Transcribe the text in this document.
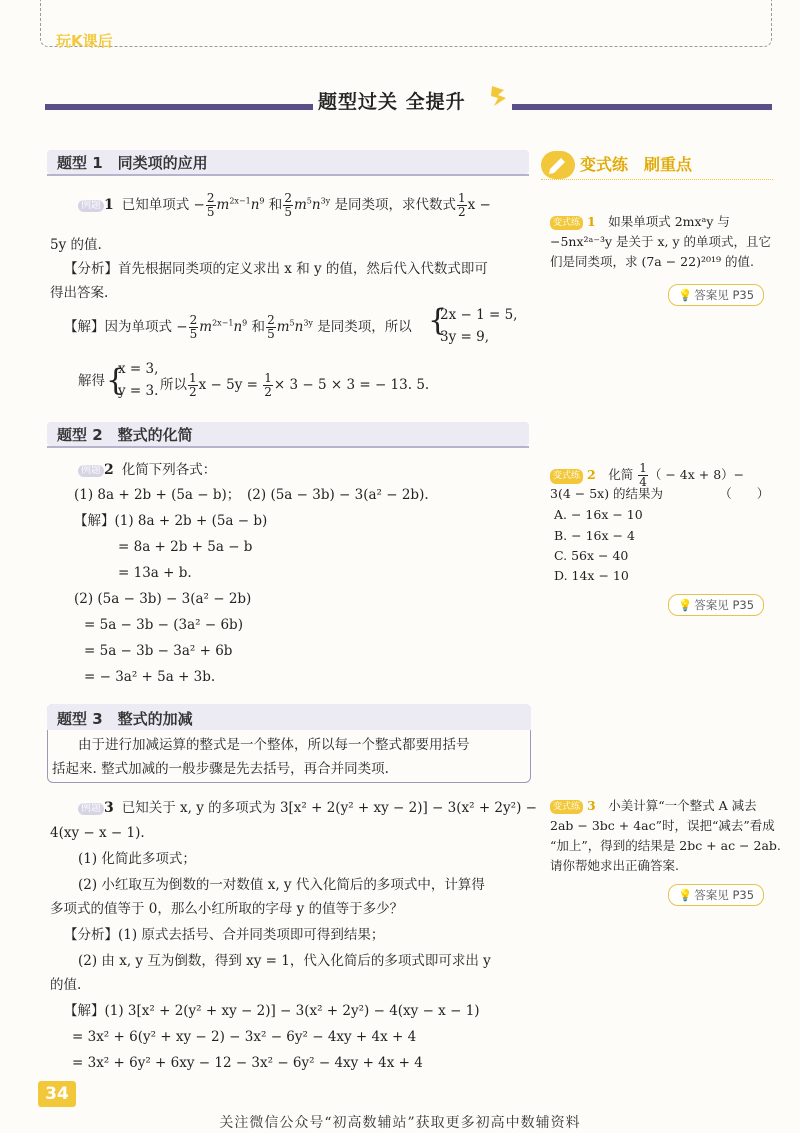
玩K课后
题型过关 全提升
题型 1　同类项的应用
例题 1 已知单项式 − $\frac{2}{5} m^{2x-1}n^9$ 和 $\frac{2}{5} m^5n^{3y}$ 是同类项，求代数式 $\frac{1}{2}$ x −
5y 的值.
【分析】首先根据同类项的定义求出 x 和 y 的值，然后代入代数式即可
得出答案.
【解】因为单项式 − $\frac{2}{5} m^{2x-1}n^9$ 和 $\frac{2}{5} m^5n^{3y}$ 是同类项，所以 {
2x − 1 = 5,
3y = 9,
解得 {
x = 3,
y = 3. 所以 $\frac{1}{2}$ $x - 5y = \frac{1}{2} \times 3 - 5 \times 3$ = − 13. 5.
题型 2　整式的化简
例题 2 化简下列各式：
(1) 8a + 2b + (5a − b)；　(2) (5a − 3b) − 3(a² − 2b).
【解】(1) 8a + 2b + (5a − b)
= 8a + 2b + 5a − b
= 13a + b.
(2) (5a − 3b) − 3(a² − 2b)
= 5a − 3b − (3a² − 6b)
= 5a − 3b − 3a² + 6b
= − 3a² + 5a + 3b.
题型 3　整式的加减
由于进行加减运算的整式是一个整体，所以每一个整式都要用括号
括起来. 整式加减的一般步骤是先去括号，再合并同类项.
例题 3 已知关于 x, y 的多项式为 3[x² + 2(y² + xy − 2)] − 3(x² + 2y²) −
4(xy − x − 1).
(1) 化简此多项式；
(2) 小红取互为倒数的一对数值 x, y 代入化简后的多项式中，计算得
多项式的值等于 0，那么小红所取的字母 y 的值等于多少？
【分析】(1) 原式去括号、合并同类项即可得到结果；
(2) 由 x, y 互为倒数，得到 xy = 1，代入化简后的多项式即可求出 y
的值.
【解】(1) 3[x² + 2(y² + xy − 2)] − 3(x² + 2y²) − 4(xy − x − 1)
= 3x² + 6(y² + xy − 2) − 3x² − 6y² − 4xy + 4x + 4
= 3x² + 6y² + 6xy − 12 − 3x² − 6y² − 4xy + 4x + 4
变式练　刷重点
变式练 1　 如果单项式 2mxᵃy 与
−5nx²ᵃ⁻³y 是关于 x, y 的单项式，且它
们是同类项，求 (7a − 22)²⁰¹⁹ 的值.
💡 答案见 P35
变式练 2　 化简 $\frac{1}{4}$ （ − 4x + 8）−
3(4 − 5x) 的结果为　　　　　（　　）
A. − 16x − 10
B. − 16x − 4
C. 56x − 40
D. 14x − 10
💡 答案见 P35
变式练 3　 小美计算“一个整式 A 减去
2ab − 3bc + 4ac”时，误把“减去”看成
“加上”，得到的结果是 2bc + ac − 2ab.
请你帮她求出正确答案.
💡 答案见 P35
34
关注微信公众号“初高数辅站”获取更多初高中数辅资料
